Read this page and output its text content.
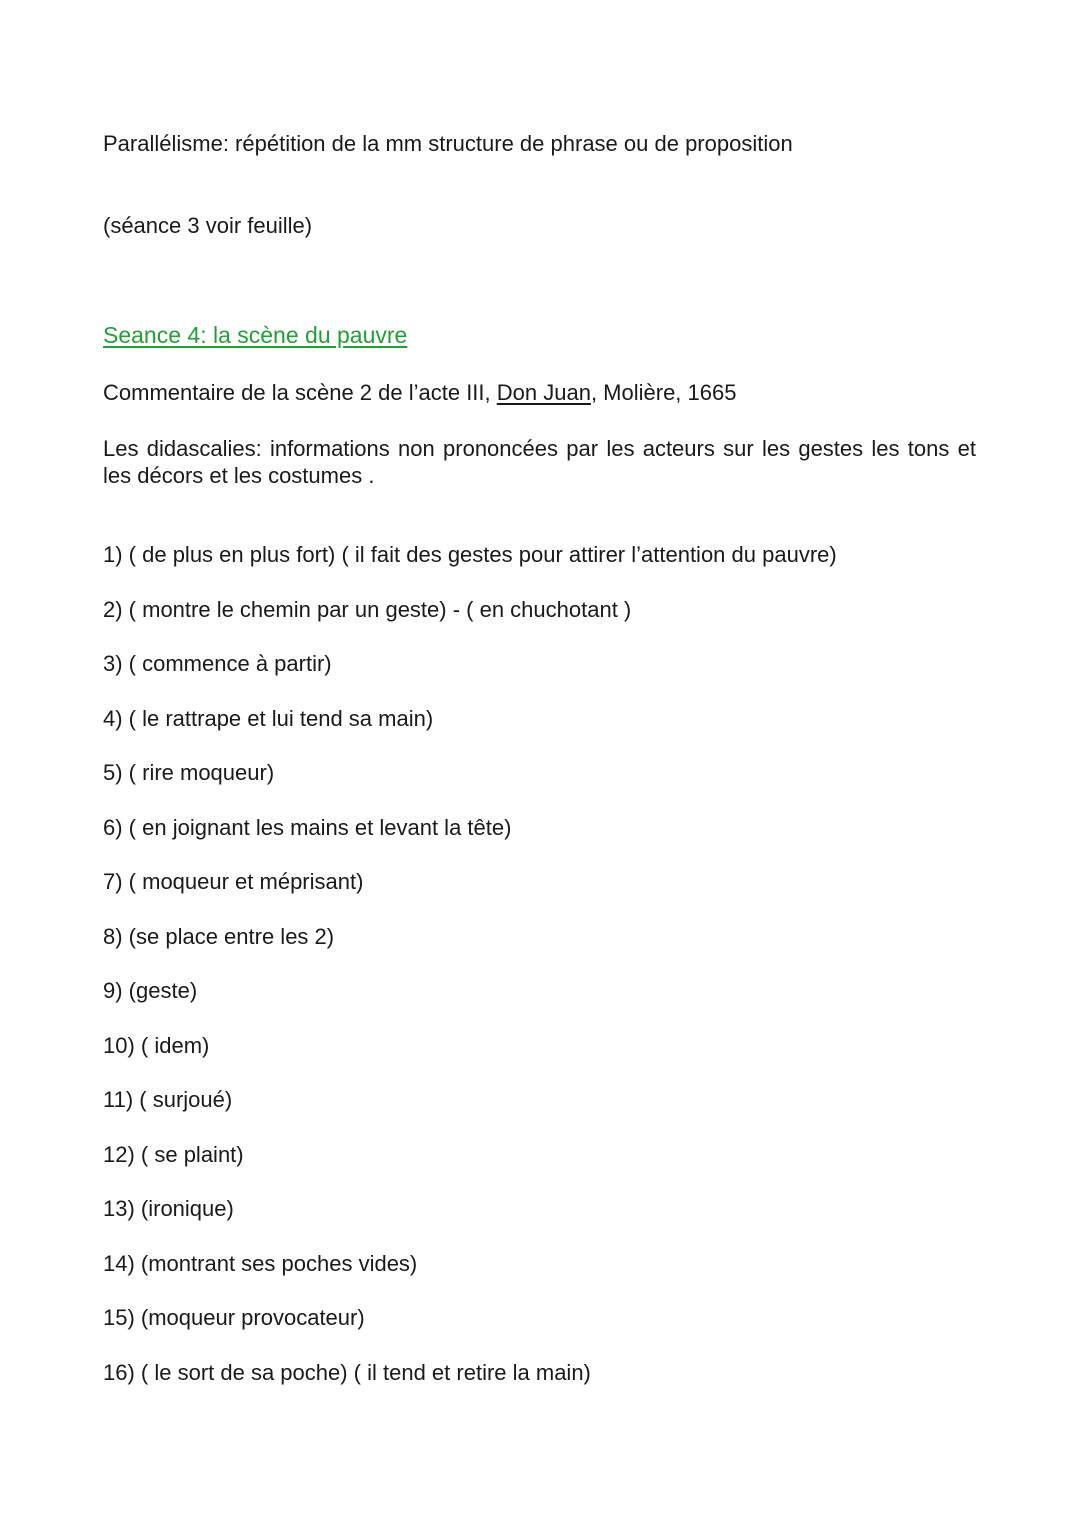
Parallélisme: répétition de la mm structure de phrase ou de proposition
(séance 3 voir feuille)
Seance 4: la scène du pauvre
Commentaire de la scène 2 de l’acte III, Don Juan, Molière, 1665
Les didascalies: informations non prononcées par les acteurs sur les gestes les tons et les décors et les costumes .
1) ( de plus en plus fort) ( il fait des gestes pour attirer l’attention du pauvre)
2) ( montre le chemin par un geste) - ( en chuchotant )
3) ( commence à partir)
4) ( le rattrape et lui tend sa main)
5) ( rire moqueur)
6) ( en joignant les mains et levant la tête)
7) ( moqueur et méprisant)
8) (se place entre les 2)
9) (geste)
10) ( idem)
11) ( surjoué)
12) ( se plaint)
13) (ironique)
14) (montrant ses poches vides)
15) (moqueur provocateur)
16) ( le sort de sa poche) ( il tend et retire la main)
